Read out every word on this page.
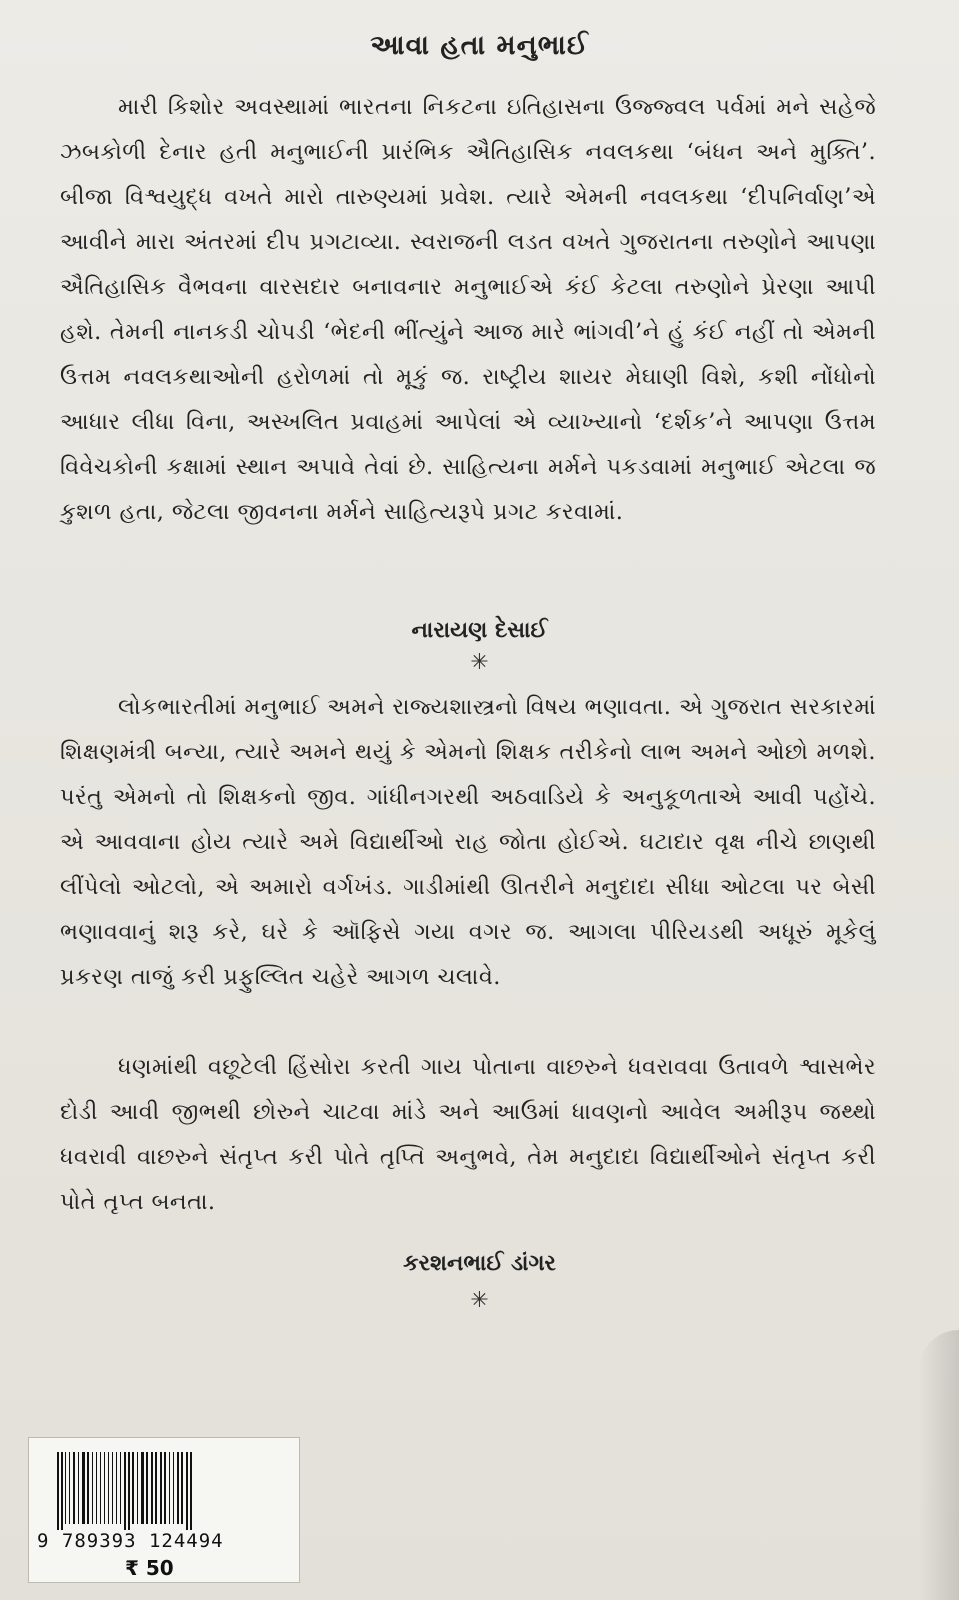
આવા હતા મનુભાઈ

મારી કિશોર અવસ્થામાં ભારતના નિકટના ઇતિહાસના ઉજ્જ્વલ પર્વમાં મને સહેજે ઝબકોળી દેનાર હતી મનુભાઈની પ્રારંભિક ઐતિહાસિક નવલકથા ‘બંધન અને મુક્તિ’. બીજા વિશ્વયુદ્ધ વખતે મારો તારુણ્યમાં પ્રવેશ. ત્યારે એમની નવલકથા ‘દીપનિર્વાણ’એ આવીને મારા અંતરમાં દીપ પ્રગટાવ્યા. સ્વરાજની લડત વખતે ગુજરાતના તરુણોને આપણા ઐતિહાસિક વૈભવના વારસદાર બનાવનાર મનુભાઈએ કંઈ કેટલા તરુણોને પ્રેરણા આપી હશે. તેમની નાનકડી ચોપડી ‘ભેદની ભીંત્યુંને આજ મારે ભાંગવી’ને હું કંઈ નહીં તો એમની ઉત્તમ નવલકથાઓની હરોળમાં તો મૂકું જ. રાષ્ટ્રીય શાયર મેઘાણી વિશે, કશી નોંધોનો આધાર લીધા વિના, અસ્ખલિત પ્રવાહમાં આપેલાં એ વ્યાખ્યાનો ‘દર્શક’ને આપણા ઉત્તમ વિવેચકોની કક્ષામાં સ્થાન અપાવે તેવાં છે. સાહિત્યના મર્મને પકડવામાં મનુભાઈ એટલા જ કુશળ હતા, જેટલા જીવનના મર્મને સાહિત્યરૂપે પ્રગટ કરવામાં.

નારાયણ દેસાઈ
✳

લોકભારતીમાં મનુભાઈ અમને રાજ્યશાસ્ત્રનો વિષય ભણાવતા. એ ગુજરાત સરકારમાં શિક્ષણમંત્રી બન્યા, ત્યારે અમને થયું કે એમનો શિક્ષક તરીકેનો લાભ અમને ઓછો મળશે. પરંતુ એમનો તો શિક્ષકનો જીવ. ગાંધીનગરથી અઠવાડિયે કે અનુકૂળતાએ આવી પહોંચે. એ આવવાના હોય ત્યારે અમે વિદ્યાર્થીઓ રાહ જોતા હોઈએ. ઘટાદાર વૃક્ષ નીચે છાણથી લીંપેલો ઓટલો, એ અમારો વર્ગખંડ. ગાડીમાંથી ઊતરીને મનુદાદા સીધા ઓટલા પર બેસી ભણાવવાનું શરૂ કરે, ઘરે કે ઑફિસે ગયા વગર જ. આગલા પીરિયડથી અધૂરું મૂકેલું પ્રકરણ તાજું કરી પ્રફુલ્લિત ચહેરે આગળ ચલાવે.

ધણમાંથી વછૂટેલી હિંસોરા કરતી ગાય પોતાના વાછરુને ધવરાવવા ઉતાવળે શ્વાસભેર દોડી આવી જીભથી છોરુને ચાટવા માંડે અને આઉમાં ધાવણનો આવેલ અમીરૂપ જથ્થો ધવરાવી વાછરુને સંતૃપ્ત કરી પોતે તૃપ્તિ અનુભવે, તેમ મનુદાદા વિદ્યાર્થીઓને સંતૃપ્ત કરી પોતે તૃપ્ત બનતા.

કરશનભાઈ ડાંગર
✳
9 789393 124494
₹ 50
